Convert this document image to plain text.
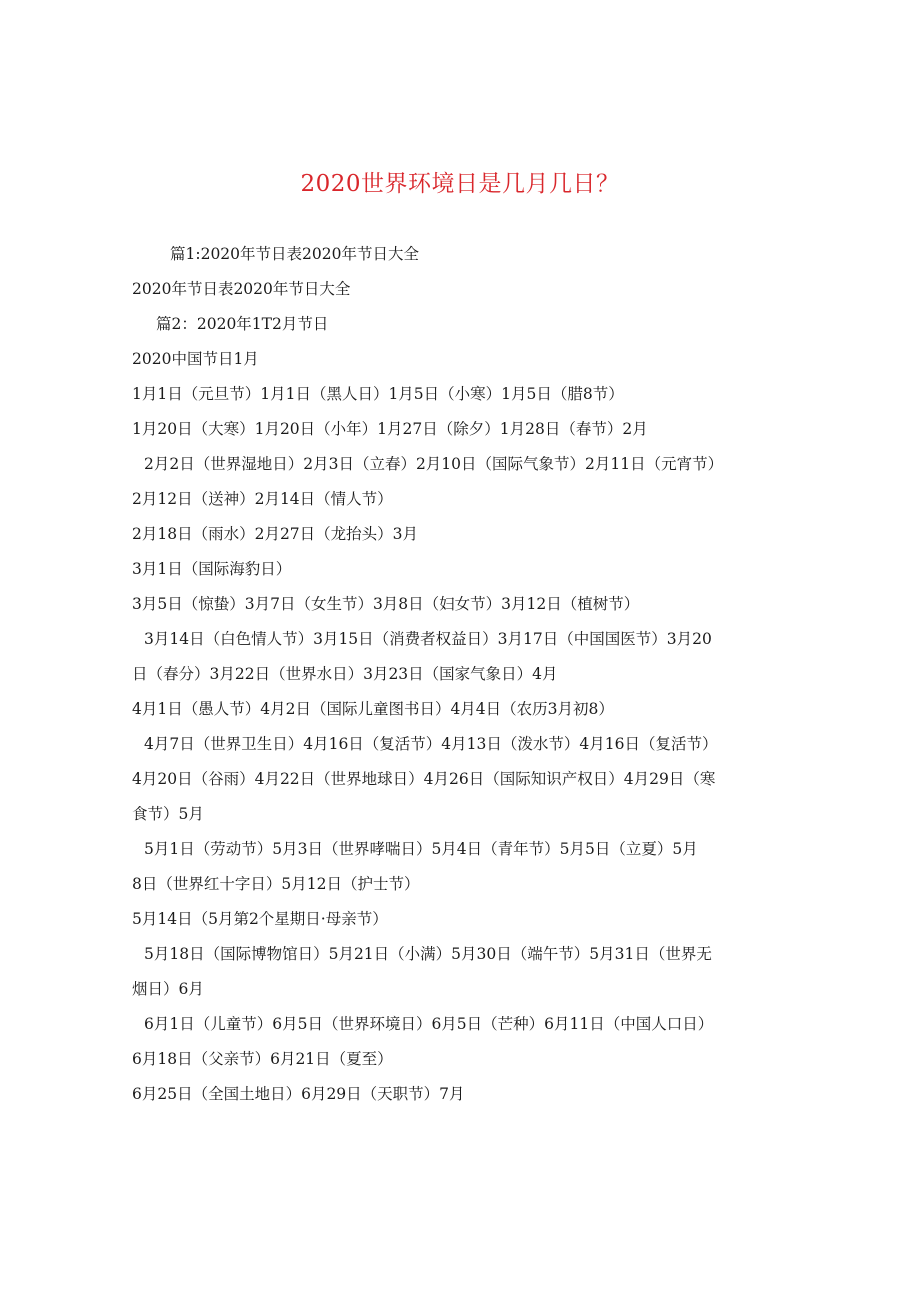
2020世界环境日是几月几日？
篇1:2020年节日表2020年节日大全
2020年节日表2020年节日大全
篇2：2020年1T2月节日
2020中国节日1月
1月1日（元旦节）1月1日（黑人日）1月5日（小寒）1月5日（腊8节）
1月20日（大寒）1月20日（小年）1月27日（除夕）1月28日（春节）2月
2月2日（世界湿地日）2月3日（立春）2月10日（国际气象节）2月11日（元宵节）
2月12日（送神）2月14日（情人节）
2月18日（雨水）2月27日（龙抬头）3月
3月1日（国际海豹日）
3月5日（惊蛰）3月7日（女生节）3月8日（妇女节）3月12日（植树节）
3月14日（白色情人节）3月15日（消费者权益日）3月17日（中国国医节）3月20
日（春分）3月22日（世界水日）3月23日（国家气象日）4月
4月1日（愚人节）4月2日（国际儿童图书日）4月4日（农历3月初8）
4月7日（世界卫生日）4月16日（复活节）4月13日（泼水节）4月16日（复活节）
4月20日（谷雨）4月22日（世界地球日）4月26日（国际知识产权日）4月29日（寒
食节）5月
5月1日（劳动节）5月3日（世界哮喘日）5月4日（青年节）5月5日（立夏）5月
8日（世界红十字日）5月12日（护士节）
5月14日（5月第2个星期日·母亲节）
5月18日（国际博物馆日）5月21日（小满）5月30日（端午节）5月31日（世界无
烟日）6月
6月1日（儿童节）6月5日（世界环境日）6月5日（芒种）6月11日（中国人口日）
6月18日（父亲节）6月21日（夏至）
6月25日（全国土地日）6月29日（天职节）7月
